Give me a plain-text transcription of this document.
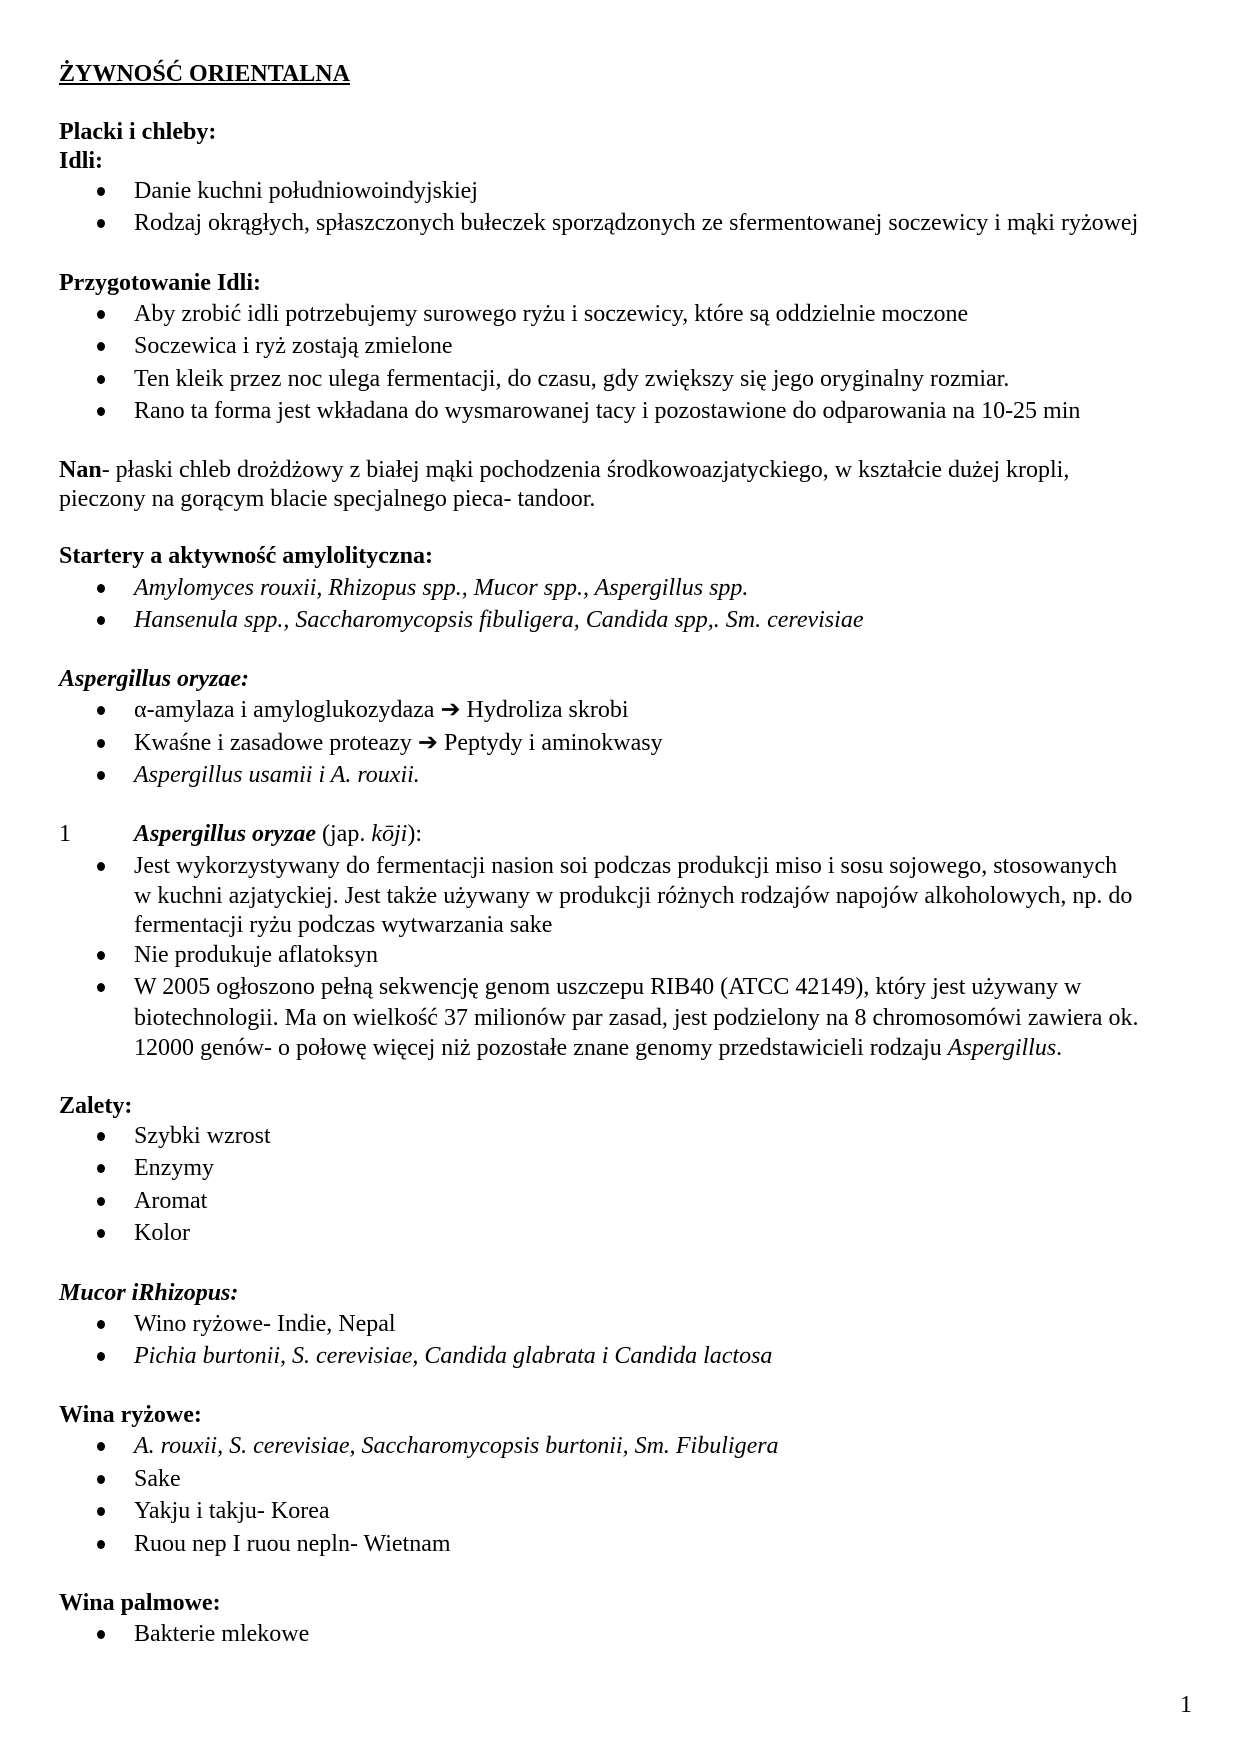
ŻYWNOŚĆ ORIENTALNA
Placki i chleby:
Idli:
Danie kuchni południowoindyjskiej
Rodzaj okrągłych, spłaszczonych bułeczek sporządzonych ze sfermentowanej soczewicy i mąki ryżowej
Przygotowanie Idli:
Aby zrobić idli potrzebujemy surowego ryżu i soczewicy, które są oddzielnie moczone
Soczewica i ryż zostają zmielone
Ten kleik przez noc ulega fermentacji, do czasu, gdy zwiększy się jego oryginalny rozmiar.
Rano ta forma jest wkładana do wysmarowanej tacy i pozostawione do odparowania na 10-25 min
Nan- płaski chleb drożdżowy z białej mąki pochodzenia środkowoazjatyckiego, w kształcie dużej kropli,
pieczony na gorącym blacie specjalnego pieca- tandoor.
Startery a aktywność amylolityczna:
Amylomyces rouxii, Rhizopus spp., Mucor spp., Aspergillus spp.
Hansenula spp., Saccharomycopsis fibuligera, Candida spp,. Sm. cerevisiae
Aspergillus oryzae:
α-amylaza i amyloglukozydaza ➔ Hydroliza skrobi
Kwaśne i zasadowe proteazy ➔ Peptydy i aminokwasy
Aspergillus usamii i A. rouxii.
1	Aspergillus oryzae (jap. kōji):
Jest wykorzystywany do fermentacji nasion soi podczas produkcji miso i sosu sojowego, stosowanych
w kuchni azjatyckiej. Jest także używany w produkcji różnych rodzajów napojów alkoholowych, np. do
fermentacji ryżu podczas wytwarzania sake
Nie produkuje aflatoksyn
W 2005 ogłoszono pełną sekwencję genom uszczepu RIB40 (ATCC 42149), który jest używany w
biotechnologii. Ma on wielkość 37 milionów par zasad, jest podzielony na 8 chromosomówi zawiera ok.
12000 genów- o połowę więcej niż pozostałe znane genomy przedstawicieli rodzaju Aspergillus.
Zalety:
Szybki wzrost
Enzymy
Aromat
Kolor
Mucor iRhizopus:
Wino ryżowe- Indie, Nepal
Pichia burtonii, S. cerevisiae, Candida glabrata i Candida lactosa
Wina ryżowe:
A. rouxii, S. cerevisiae, Saccharomycopsis burtonii, Sm. Fibuligera
Sake
Yakju i takju- Korea
Ruou nep I ruou nepln- Wietnam
Wina palmowe:
Bakterie mlekowe
1
